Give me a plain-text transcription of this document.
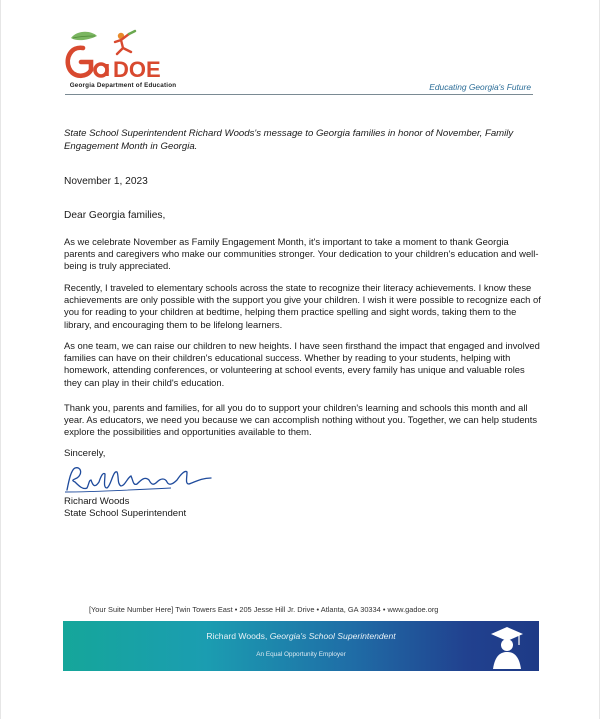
DOE
Georgia Department of Education	Educating Georgia's Future
State School Superintendent Richard Woods's message to Georgia families in honor of November, Family Engagement Month in Georgia.
November 1, 2023
Dear Georgia families,
As we celebrate November as Family Engagement Month, it's important to take a moment to thank Georgia parents and caregivers who make our communities stronger. Your dedication to your children's education and well-being is truly appreciated.
Recently, I traveled to elementary schools across the state to recognize their literacy achievements. I know these achievements are only possible with the support you give your children. I wish it were possible to recognize each of you for reading to your children at bedtime, helping them practice spelling and sight words, taking them to the library, and encouraging them to be lifelong learners.
As one team, we can raise our children to new heights. I have seen firsthand the impact that engaged and involved families can have on their children's educational success. Whether by reading to your students, helping with homework, attending conferences, or volunteering at school events, every family has unique and valuable roles they can play in their child's education.
Thank you, parents and families, for all you do to support your children's learning and schools this month and all year. As educators, we need you because we can accomplish nothing without you. Together, we can help students explore the possibilities and opportunities available to them.
Sincerely,
Richard Woods
State School Superintendent
[Your Suite Number Here] Twin Towers East • 205 Jesse Hill Jr. Drive • Atlanta, GA 30334 • www.gadoe.org
Richard Woods, Georgia's School Superintendent
An Equal Opportunity Employer
